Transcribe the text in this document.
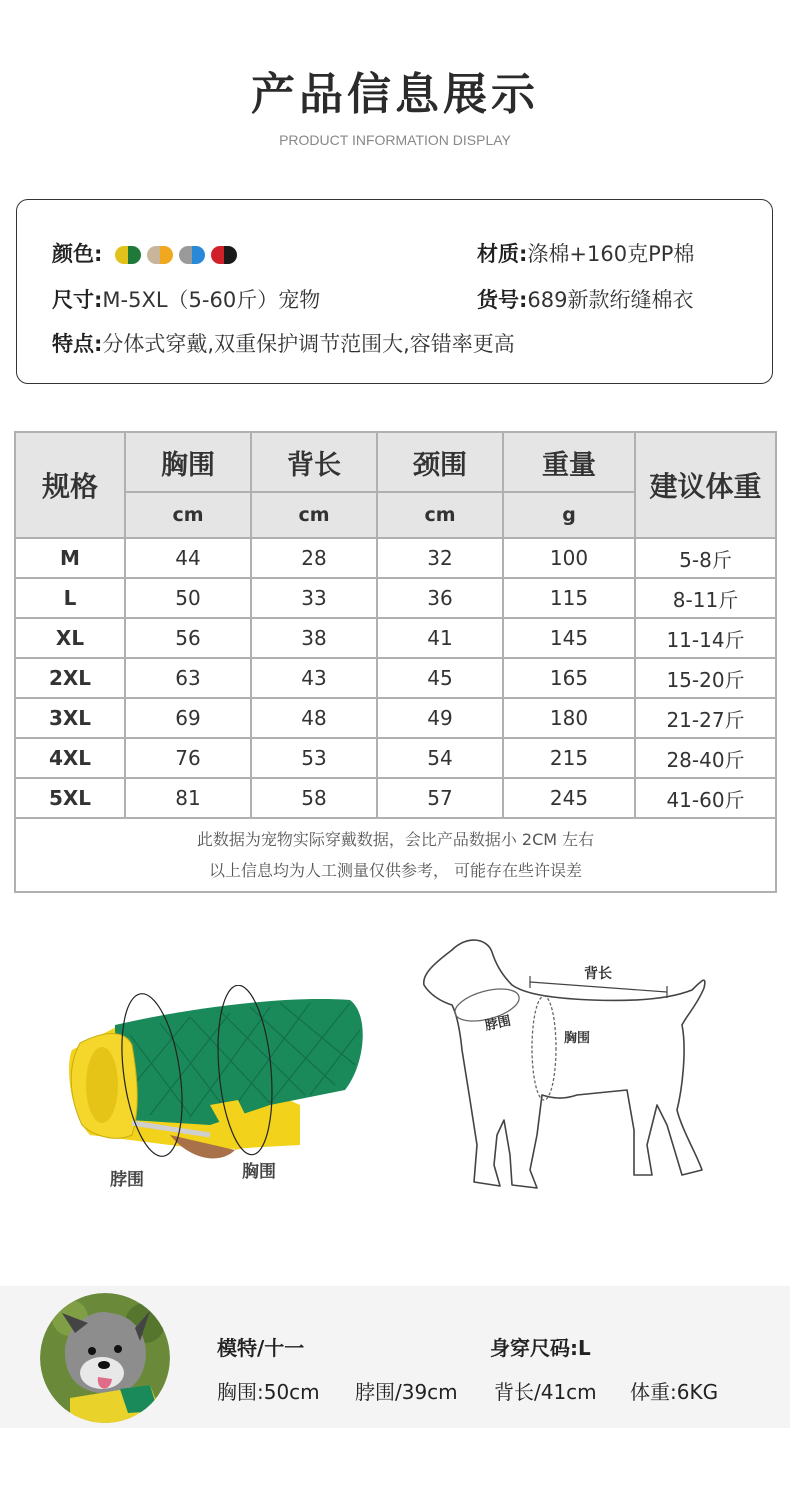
产品信息展示
PRODUCT INFORMATION DISPLAY
颜色:	材质:涤棉+160克PP棉
尺寸:M-5XL（5-60斤）宠物	货号:689新款绗缝棉衣
特点:分体式穿戴,双重保护调节范围大,容错率更高
规格	胸围	背长	颈围	重量	建议体重
	cm	cm	cm	g	
M	44	28	32	100	5-8斤
L	50	33	36	115	8-11斤
XL	56	38	41	145	11-14斤
2XL	63	43	45	165	15-20斤
3XL	69	48	49	180	21-27斤
4XL	76	53	54	215	28-40斤
5XL	81	58	57	245	41-60斤

此数据为宠物实际穿戴数据，会比产品数据小 2CM 左右
以上信息均为人工测量仅供参考， 可能存在些许误差					
脖围	胸围
背长
脖围
胸围
模特/十一	身穿尺码:L
胸围:50cm 脖围/39cm 背长/41cm 体重:6KG
